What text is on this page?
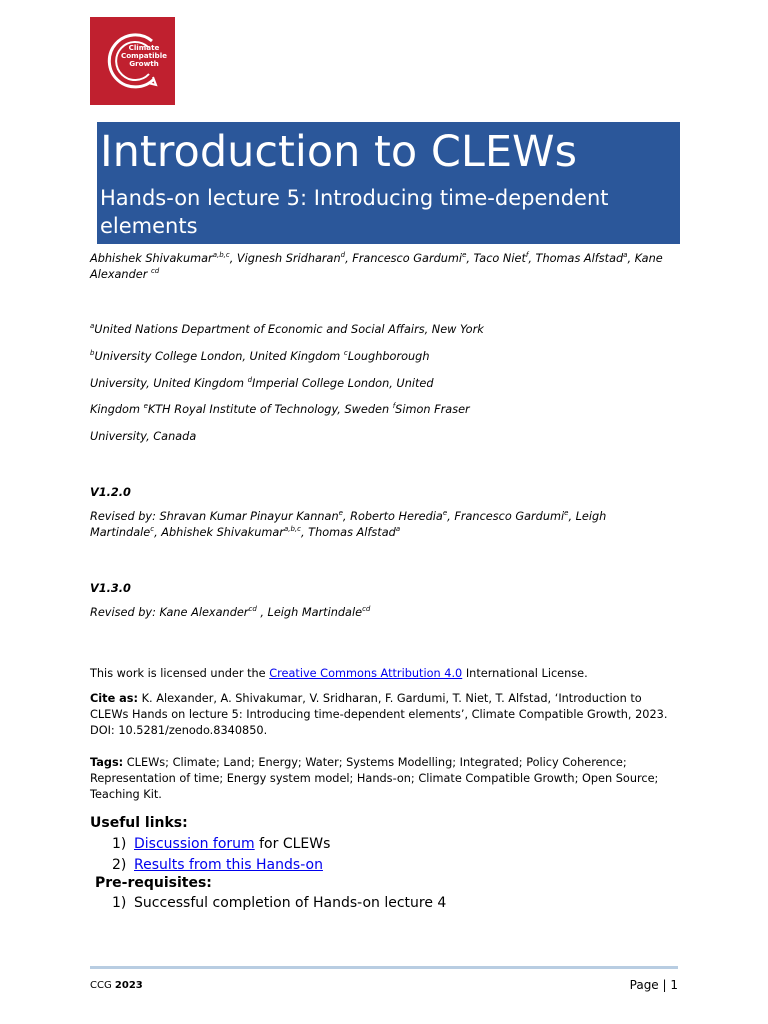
Climate
Compatible
Growth
Introduction to CLEWs
Hands-on lecture 5: Introducing time-dependent elements
Abhishek Shivakumar$^{a,b,c}$, Vignesh Sridharan$^d$, Francesco Gardumi$^e$, Taco Niet$^f$, Thomas Alfstad$^a$, Kane Alexander $^{cd}$
$^a$United Nations Department of Economic and Social Affairs, New York
$^b$University College London, United Kingdom $^c$Loughborough
University, United Kingdom $^d$Imperial College London, United
Kingdom $^e$KTH Royal Institute of Technology, Sweden $^f$Simon Fraser
University, Canada
V1.2.0
Revised by: Shravan Kumar Pinayur Kannan$^e$, Roberto Heredia$^e$, Francesco Gardumi$^e$, Leigh
Martindale$^c$, Abhishek Shivakumar$^{a,b,c}$, Thomas Alfstad$^a$
V1.3.0
Revised by: Kane Alexander$^{cd}$ , Leigh Martindale$^{cd}$
This work is licensed under the Creative Commons Attribution 4.0 International License.
Cite as: K. Alexander, A. Shivakumar, V. Sridharan, F. Gardumi, T. Niet, T. Alfstad, ‘Introduction to CLEWs Hands on lecture 5: Introducing time-dependent elements’, Climate Compatible Growth, 2023. DOI: 10.5281/zenodo.8340850.
Tags: CLEWs; Climate; Land; Energy; Water; Systems Modelling; Integrated; Policy Coherence; Representation of time; Energy system model; Hands-on; Climate Compatible Growth; Open Source; Teaching Kit.
Useful links:
1) Discussion forum for CLEWs
2) Results from this Hands-on
Pre-requisites:
1) Successful completion of Hands-on lecture 4
CCG 2023	Page | 1
